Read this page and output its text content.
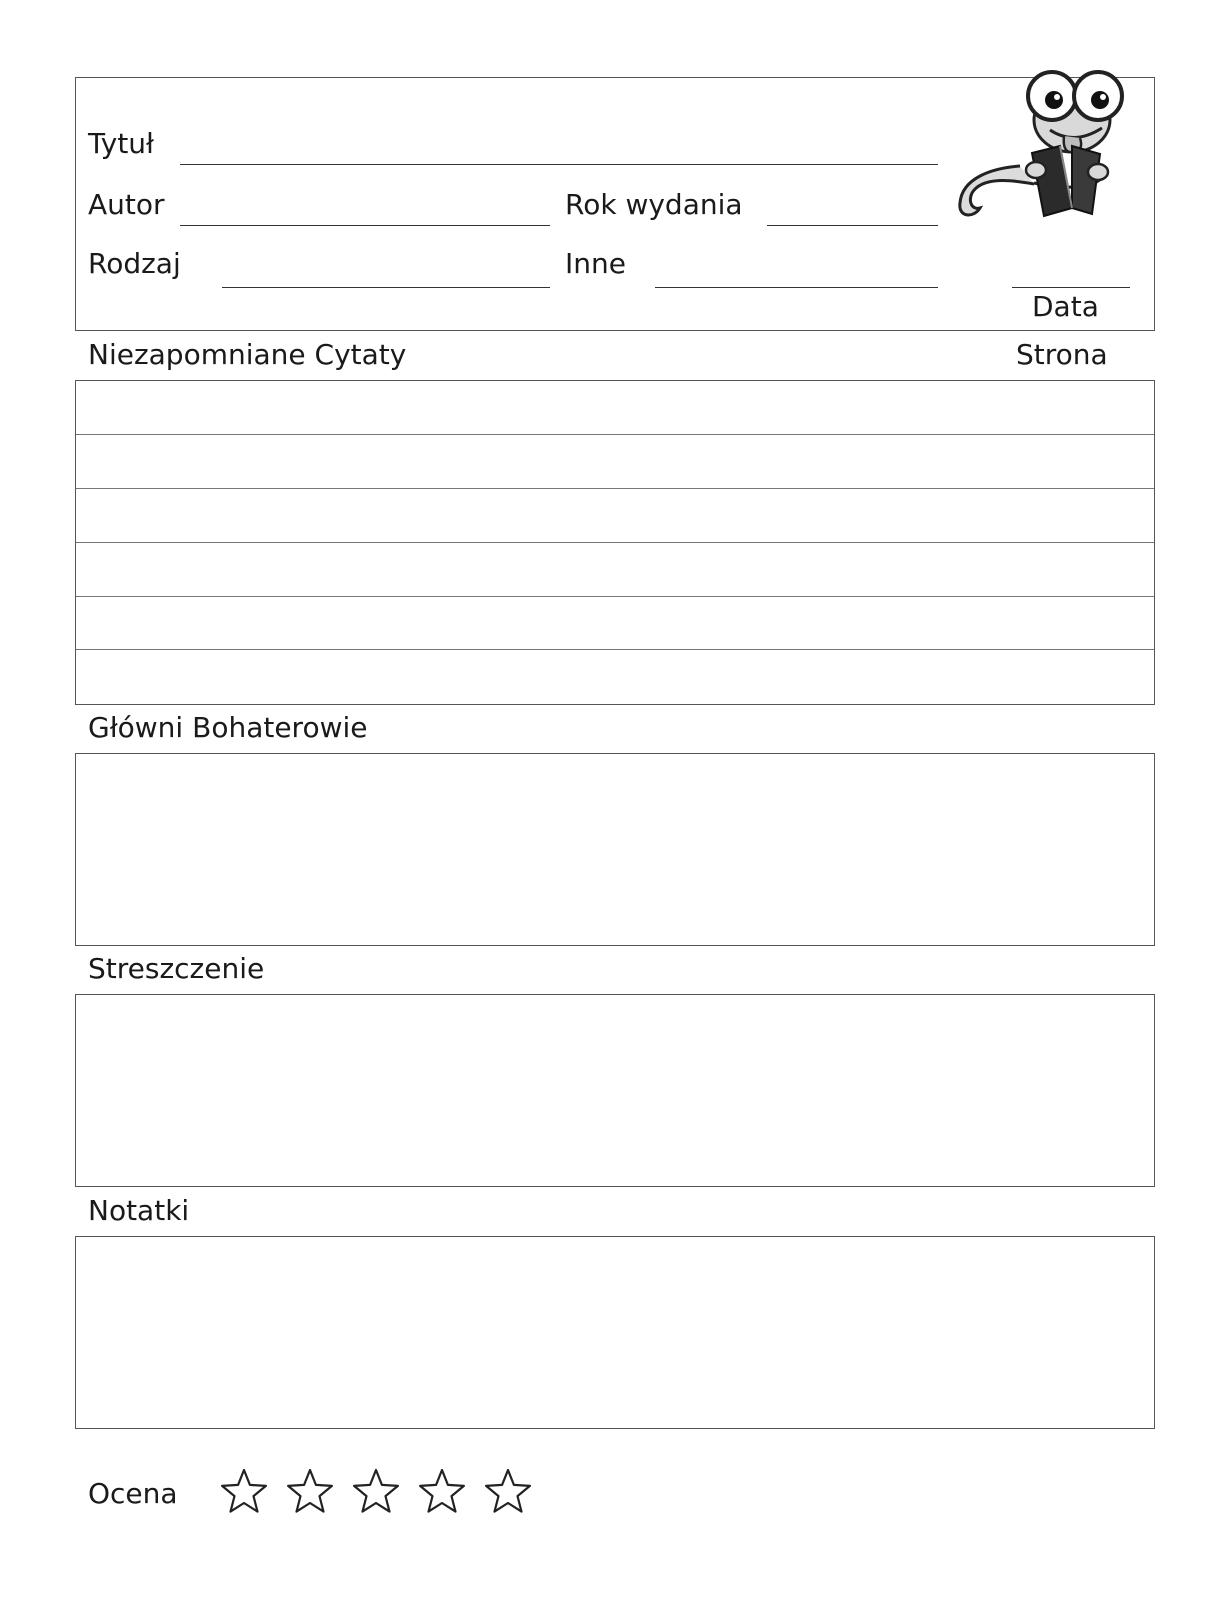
Tytuł
Autor	Rok wydania
Rodzaj	Inne
Data
Niezapomniane Cytaty	Strona
Główni Bohaterowie
Streszczenie
Notatki
Ocena
